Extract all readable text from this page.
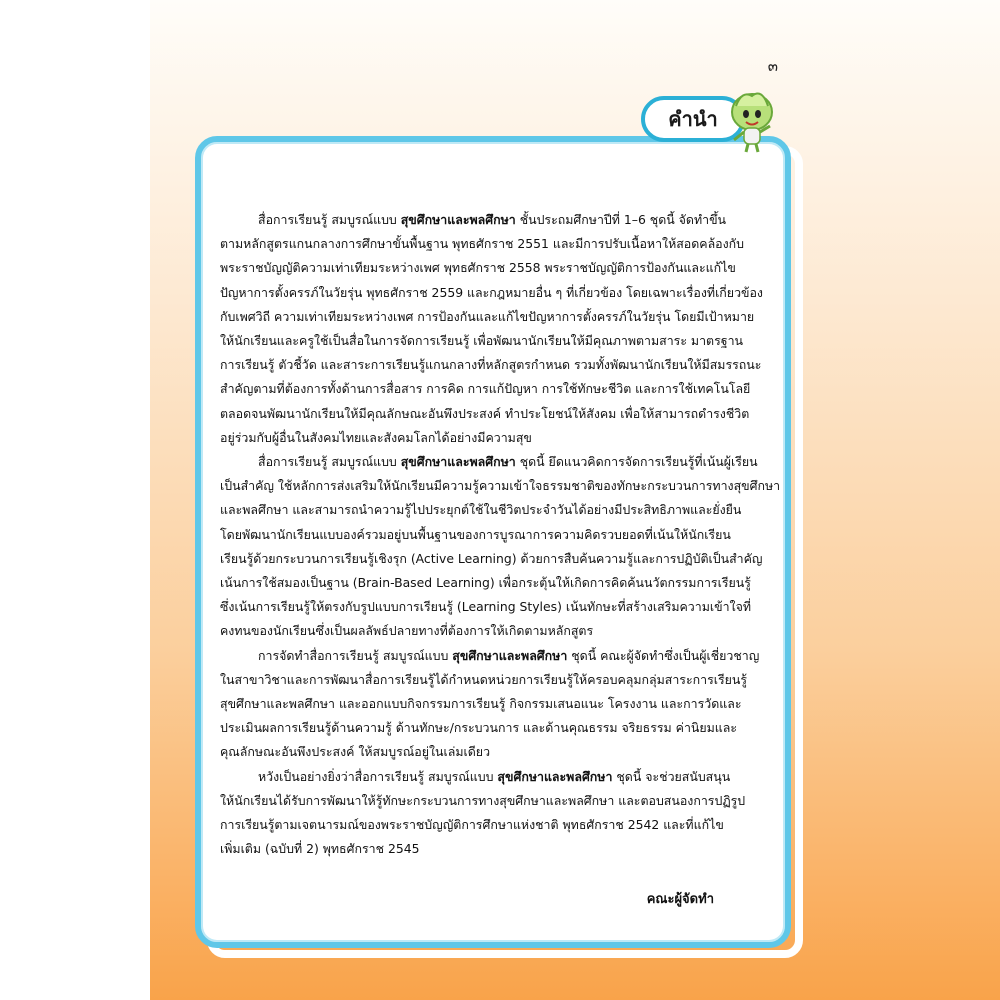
๓
คำนำ
สื่อการเรียนรู้ สมบูรณ์แบบ สุขศึกษาและพลศึกษา ชั้นประถมศึกษาปีที่ 1–6 ชุดนี้ จัดทำขึ้น
ตามหลักสูตรแกนกลางการศึกษาขั้นพื้นฐาน พุทธศักราช 2551 และมีการปรับเนื้อหาให้สอดคล้องกับ
พระราชบัญญัติความเท่าเทียมระหว่างเพศ พุทธศักราช 2558 พระราชบัญญัติการป้องกันและแก้ไข
ปัญหาการตั้งครรภ์ในวัยรุ่น พุทธศักราช 2559 และกฎหมายอื่น ๆ ที่เกี่ยวข้อง โดยเฉพาะเรื่องที่เกี่ยวข้อง
กับเพศวิถี ความเท่าเทียมระหว่างเพศ การป้องกันและแก้ไขปัญหาการตั้งครรภ์ในวัยรุ่น โดยมีเป้าหมาย
ให้นักเรียนและครูใช้เป็นสื่อในการจัดการเรียนรู้ เพื่อพัฒนานักเรียนให้มีคุณภาพตามสาระ มาตรฐาน
การเรียนรู้ ตัวชี้วัด และสาระการเรียนรู้แกนกลางที่หลักสูตรกำหนด รวมทั้งพัฒนานักเรียนให้มีสมรรถนะ
สำคัญตามที่ต้องการทั้งด้านการสื่อสาร การคิด การแก้ปัญหา การใช้ทักษะชีวิต และการใช้เทคโนโลยี
ตลอดจนพัฒนานักเรียนให้มีคุณลักษณะอันพึงประสงค์ ทำประโยชน์ให้สังคม เพื่อให้สามารถดำรงชีวิต
อยู่ร่วมกับผู้อื่นในสังคมไทยและสังคมโลกได้อย่างมีความสุข
สื่อการเรียนรู้ สมบูรณ์แบบ สุขศึกษาและพลศึกษา ชุดนี้ ยึดแนวคิดการจัดการเรียนรู้ที่เน้นผู้เรียน
เป็นสำคัญ ใช้หลักการส่งเสริมให้นักเรียนมีความรู้ความเข้าใจธรรมชาติของทักษะกระบวนการทางสุขศึกษา
และพลศึกษา และสามารถนำความรู้ไปประยุกต์ใช้ในชีวิตประจำวันได้อย่างมีประสิทธิภาพและยั่งยืน
โดยพัฒนานักเรียนแบบองค์รวมอยู่บนพื้นฐานของการบูรณาการความคิดรวบยอดที่เน้นให้นักเรียน
เรียนรู้ด้วยกระบวนการเรียนรู้เชิงรุก (Active Learning) ด้วยการสืบค้นความรู้และการปฏิบัติเป็นสำคัญ
เน้นการใช้สมองเป็นฐาน (Brain-Based Learning) เพื่อกระตุ้นให้เกิดการคิดค้นนวัตกรรมการเรียนรู้
ซึ่งเน้นการเรียนรู้ให้ตรงกับรูปแบบการเรียนรู้ (Learning Styles) เน้นทักษะที่สร้างเสริมความเข้าใจที่
คงทนของนักเรียนซึ่งเป็นผลลัพธ์ปลายทางที่ต้องการให้เกิดตามหลักสูตร
การจัดทำสื่อการเรียนรู้ สมบูรณ์แบบ สุขศึกษาและพลศึกษา ชุดนี้ คณะผู้จัดทำซึ่งเป็นผู้เชี่ยวชาญ
ในสาขาวิชาและการพัฒนาสื่อการเรียนรู้ได้กำหนดหน่วยการเรียนรู้ให้ครอบคลุมกลุ่มสาระการเรียนรู้
สุขศึกษาและพลศึกษา และออกแบบกิจกรรมการเรียนรู้ กิจกรรมเสนอแนะ โครงงาน และการวัดและ
ประเมินผลการเรียนรู้ด้านความรู้ ด้านทักษะ/กระบวนการ และด้านคุณธรรม จริยธรรม ค่านิยมและ
คุณลักษณะอันพึงประสงค์ ให้สมบูรณ์อยู่ในเล่มเดียว
หวังเป็นอย่างยิ่งว่าสื่อการเรียนรู้ สมบูรณ์แบบ สุขศึกษาและพลศึกษา ชุดนี้ จะช่วยสนับสนุน
ให้นักเรียนได้รับการพัฒนาให้รู้ทักษะกระบวนการทางสุขศึกษาและพลศึกษา และตอบสนองการปฏิรูป
การเรียนรู้ตามเจตนารมณ์ของพระราชบัญญัติการศึกษาแห่งชาติ พุทธศักราช 2542 และที่แก้ไข
เพิ่มเติม (ฉบับที่ 2) พุทธศักราช 2545
คณะผู้จัดทำ
